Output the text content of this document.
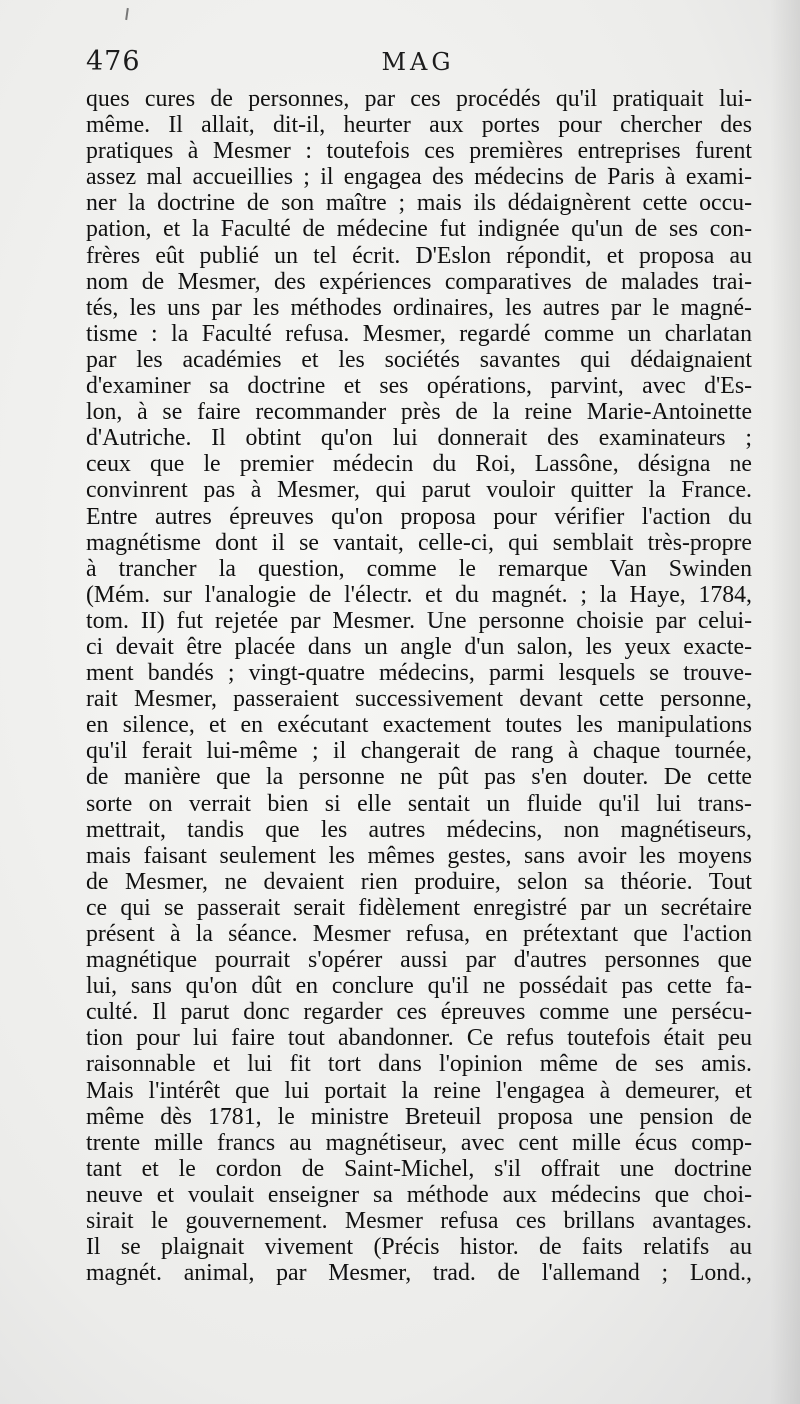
476	MAG
ques cures de personnes, par ces procédés qu'il pratiquait lui-
même. Il allait, dit-il, heurter aux portes pour chercher des
pratiques à Mesmer : toutefois ces premières entreprises furent
assez mal accueillies ; il engagea des médecins de Paris à exami-
ner la doctrine de son maître ; mais ils dédaignèrent cette occu-
pation, et la Faculté de médecine fut indignée qu'un de ses con-
frères eût publié un tel écrit. D'Eslon répondit, et proposa au
nom de Mesmer, des expériences comparatives de malades trai-
tés, les uns par les méthodes ordinaires, les autres par le magné-
tisme : la Faculté refusa. Mesmer, regardé comme un charlatan
par les académies et les sociétés savantes qui dédaignaient
d'examiner sa doctrine et ses opérations, parvint, avec d'Es-
lon, à se faire recommander près de la reine Marie-Antoinette
d'Autriche. Il obtint qu'on lui donnerait des examinateurs ;
ceux que le premier médecin du Roi, Lassône, désigna ne
convinrent pas à Mesmer, qui parut vouloir quitter la France.
Entre autres épreuves qu'on proposa pour vérifier l'action du
magnétisme dont il se vantait, celle-ci, qui semblait très-propre
à trancher la question, comme le remarque Van Swinden
(Mém. sur l'analogie de l'électr. et du magnét. ; la Haye, 1784,
tom. II) fut rejetée par Mesmer. Une personne choisie par celui-
ci devait être placée dans un angle d'un salon, les yeux exacte-
ment bandés ; vingt-quatre médecins, parmi lesquels se trouve-
rait Mesmer, passeraient successivement devant cette personne,
en silence, et en exécutant exactement toutes les manipulations
qu'il ferait lui-même ; il changerait de rang à chaque tournée,
de manière que la personne ne pût pas s'en douter. De cette
sorte on verrait bien si elle sentait un fluide qu'il lui trans-
mettrait, tandis que les autres médecins, non magnétiseurs,
mais faisant seulement les mêmes gestes, sans avoir les moyens
de Mesmer, ne devaient rien produire, selon sa théorie. Tout
ce qui se passerait serait fidèlement enregistré par un secrétaire
présent à la séance. Mesmer refusa, en prétextant que l'action
magnétique pourrait s'opérer aussi par d'autres personnes que
lui, sans qu'on dût en conclure qu'il ne possédait pas cette fa-
culté. Il parut donc regarder ces épreuves comme une persécu-
tion pour lui faire tout abandonner. Ce refus toutefois était peu
raisonnable et lui fit tort dans l'opinion même de ses amis.
Mais l'intérêt que lui portait la reine l'engagea à demeurer, et
même dès 1781, le ministre Breteuil proposa une pension de
trente mille francs au magnétiseur, avec cent mille écus comp-
tant et le cordon de Saint-Michel, s'il offrait une doctrine
neuve et voulait enseigner sa méthode aux médecins que choi-
sirait le gouvernement. Mesmer refusa ces brillans avantages.
Il se plaignait vivement (Précis histor. de faits relatifs au
magnét. animal, par Mesmer, trad. de l'allemand ; Lond.,
